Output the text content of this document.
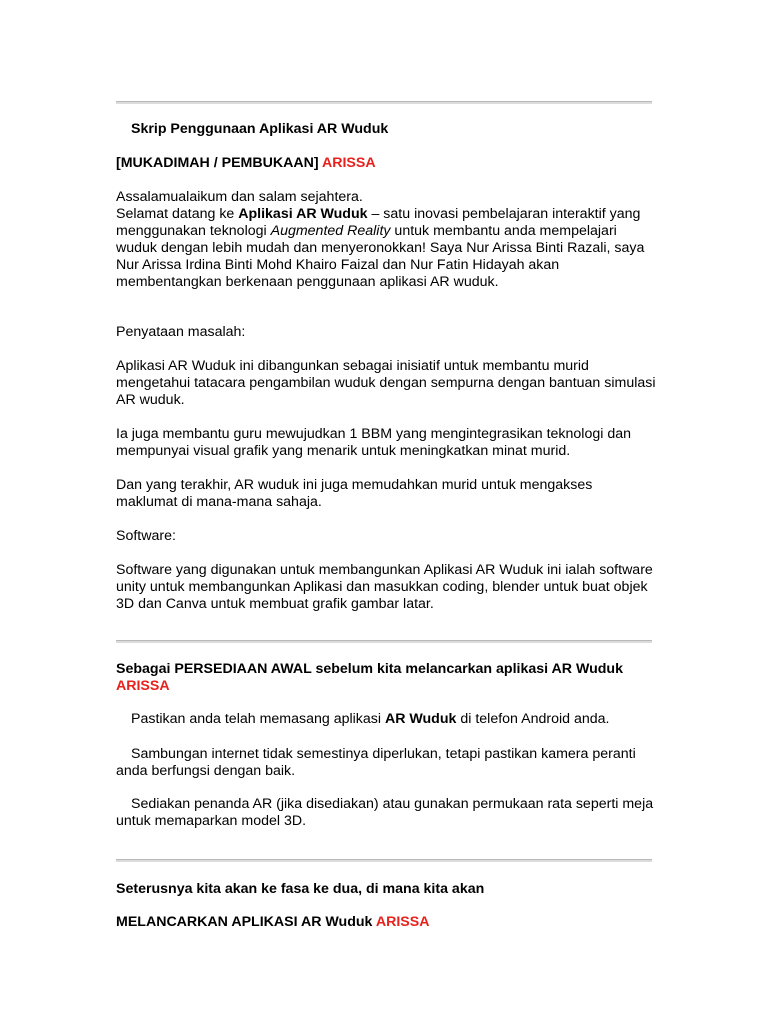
Skrip Penggunaan Aplikasi AR Wuduk

[MUKADIMAH / PEMBUKAAN] ARISSA

Assalamualaikum dan salam sejahtera.
Selamat datang ke Aplikasi AR Wuduk – satu inovasi pembelajaran interaktif yang menggunakan teknologi Augmented Reality untuk membantu anda mempelajari wuduk dengan lebih mudah dan menyeronokkan! Saya Nur Arissa Binti Razali, saya Nur Arissa Irdina Binti Mohd Khairo Faizal dan Nur Fatin Hidayah akan membentangkan berkenaan penggunaan aplikasi AR wuduk.

Penyataan masalah:

Aplikasi AR Wuduk ini dibangunkan sebagai inisiatif untuk membantu murid mengetahui tatacara pengambilan wuduk dengan sempurna dengan bantuan simulasi AR wuduk.

Ia juga membantu guru mewujudkan 1 BBM yang mengintegrasikan teknologi dan mempunyai visual grafik yang menarik untuk meningkatkan minat murid.

Dan yang terakhir, AR wuduk ini juga memudahkan murid untuk mengakses maklumat di mana-mana sahaja.

Software:

Software yang digunakan untuk membangunkan Aplikasi AR Wuduk ini ialah software unity untuk membangunkan Aplikasi dan masukkan coding, blender untuk buat objek 3D dan Canva untuk membuat grafik gambar latar.

Sebagai PERSEDIAAN AWAL sebelum kita melancarkan aplikasi AR Wuduk ARISSA

Pastikan anda telah memasang aplikasi AR Wuduk di telefon Android anda.

Sambungan internet tidak semestinya diperlukan, tetapi pastikan kamera peranti anda berfungsi dengan baik.

Sediakan penanda AR (jika disediakan) atau gunakan permukaan rata seperti meja untuk memaparkan model 3D.

Seterusnya kita akan ke fasa ke dua, di mana kita akan

MELANCARKAN APLIKASI AR Wuduk ARISSA
